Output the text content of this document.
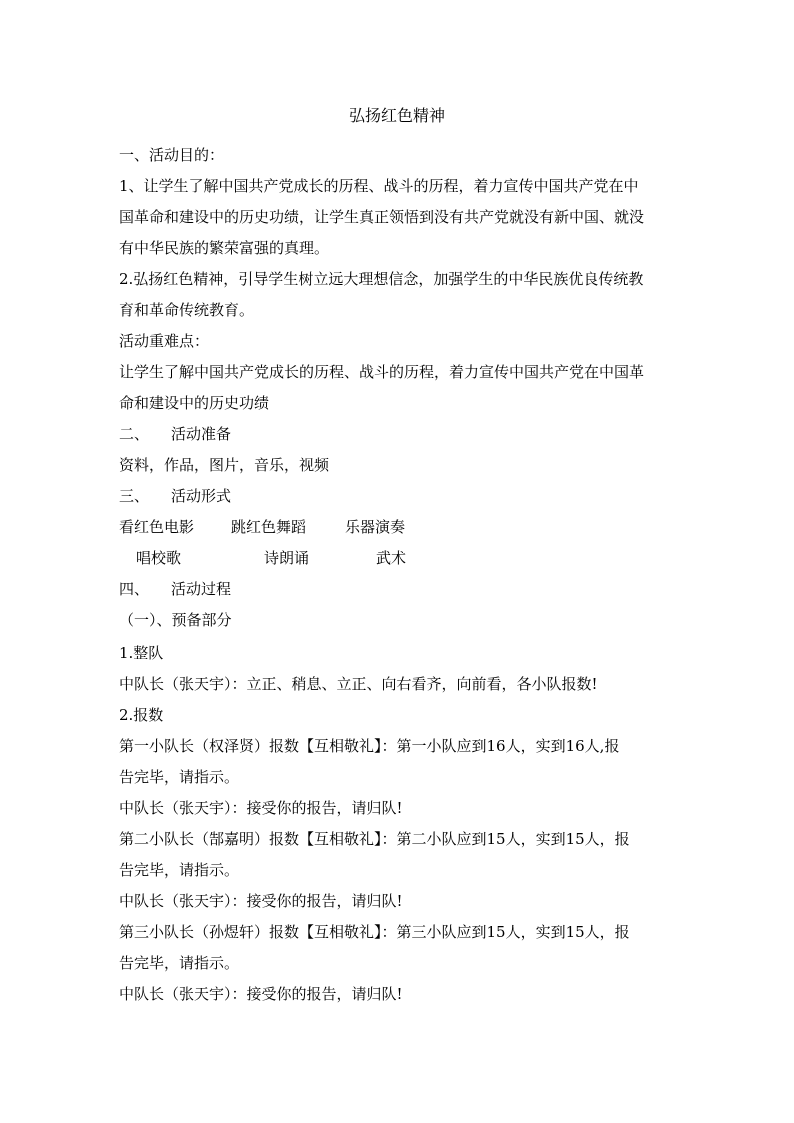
弘扬红色精神
一、活动目的：
1、让学生了解中国共产党成长的历程、战斗的历程，着力宣传中国共产党在中
国革命和建设中的历史功绩，让学生真正领悟到没有共产党就没有新中国、就没
有中华民族的繁荣富强的真理。
2.弘扬红色精神，引导学生树立远大理想信念，加强学生的中华民族优良传统教
育和革命传统教育。
活动重难点：
让学生了解中国共产党成长的历程、战斗的历程，着力宣传中国共产党在中国革
命和建设中的历史功绩
二、 活动准备
资料，作品，图片，音乐，视频
三、 活动形式
看红色电影 跳红色舞蹈	乐器演奏
唱校歌	诗朗诵	武术
四、 活动过程
（一）、预备部分
1.整队
中队长（张天宇）：立正、稍息、立正、向右看齐，向前看，各小队报数!
2.报数
第一小队长（权泽贤）报数【互相敬礼】：第一小队应到16人，实到16人,报
告完毕，请指示。
中队长（张天宇）：接受你的报告，请归队!
第二小队长（郜嘉明）报数【互相敬礼】：第二小队应到15人，实到15人，报
告完毕，请指示。
中队长（张天宇）：接受你的报告，请归队!
第三小队长（孙煜轩）报数【互相敬礼】：第三小队应到15人，实到15人，报
告完毕，请指示。
中队长（张天宇）：接受你的报告，请归队!
